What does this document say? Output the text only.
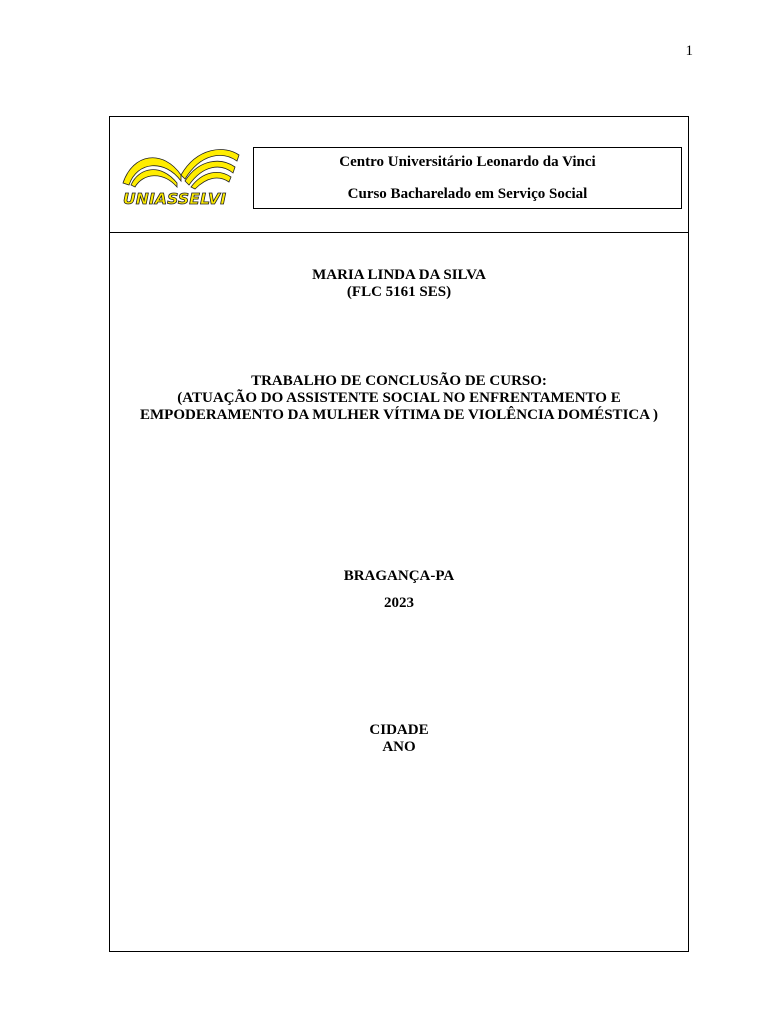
1
UNIASSELVI
Centro Universitário Leonardo da Vinci
Curso Bacharelado em Serviço Social
MARIA LINDA DA SILVA
(FLC 5161 SES)
TRABALHO DE CONCLUSÃO DE CURSO:
(ATUAÇÃO DO ASSISTENTE SOCIAL NO ENFRENTAMENTO E
EMPODERAMENTO DA MULHER VÍTIMA DE VIOLÊNCIA DOMÉSTICA )
BRAGANÇA-PA
2023
CIDADE
ANO
